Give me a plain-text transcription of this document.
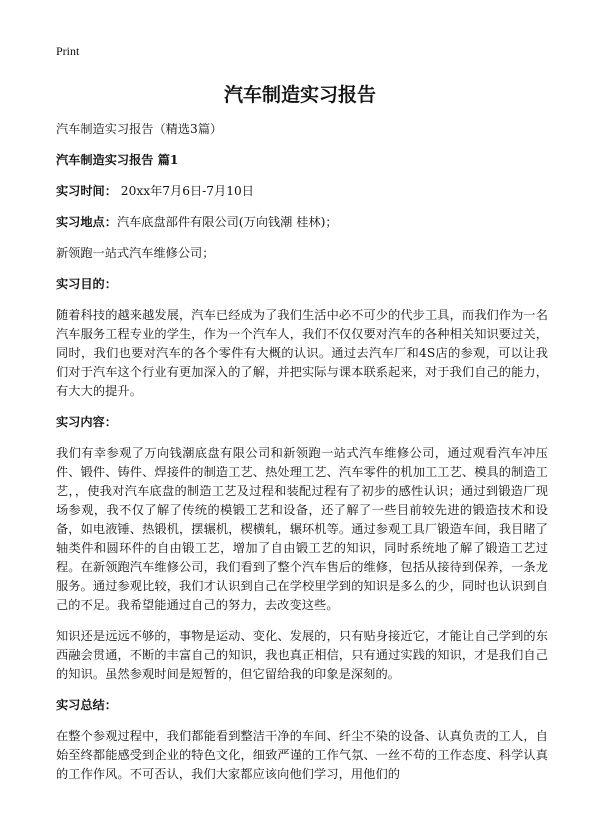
Print
汽车制造实习报告

汽车制造实习报告（精选3篇）

汽车制造实习报告 篇1

实习时间： 20xx年7月6日-7月10日

实习地点：汽车底盘部件有限公司(万向钱潮 桂林)；

新领跑一站式汽车维修公司；

实习目的：

随着科技的越来越发展，汽车已经成为了我们生活中必不可少的代步工具，而我们作为一名汽车服务工程专业的学生，作为一个汽车人，我们不仅仅要对汽车的各种相关知识要过关，同时，我们也要对汽车的各个零件有大概的认识。通过去汽车厂和4S店的参观，可以让我们对于汽车这个行业有更加深入的了解，并把实际与课本联系起来，对于我们自己的能力，有大大的提升。

实习内容：

我们有幸参观了万向钱潮底盘有限公司和新领跑一站式汽车维修公司，通过观看汽车冲压件、锻件、铸件、焊接件的制造工艺、热处理工艺、汽车零件的机加工工艺、模具的制造工艺，，使我对汽车底盘的制造工艺及过程和装配过程有了初步的感性认识；通过到锻造厂现场参观，我不仅了解了传统的模锻工艺和设备，还了解了一些目前较先进的锻造技术和设备，如电液锤、热锻机，摆辗机，楔横轧，辗环机等。通过参观工具厂锻造车间，我目睹了轴类件和圆环件的自由锻工艺，增加了自由锻工艺的知识，同时系统地了解了锻造工艺过程。在新领跑汽车维修公司，我们看到了整个汽车售后的维修，包括从接待到保养，一条龙服务。通过参观比较，我们才认识到自己在学校里学到的知识是多么的少，同时也认识到自己的不足。我希望能通过自己的努力，去改变这些。

知识还是远远不够的，事物是运动、变化、发展的，只有贴身接近它，才能让自己学到的东西融会贯通，不断的丰富自己的知识，我也真正相信，只有通过实践的知识，才是我们自己的知识。虽然参观时间是短暂的，但它留给我的印象是深刻的。

实习总结：

在整个参观过程中，我们都能看到整洁干净的车间、纤尘不染的设备、认真负责的工人，自始至终都能感受到企业的特色文化，细致严谨的工作气氛、一丝不苟的工作态度、科学认真的工作作风。不可否认，我们大家都应该向他们学习，用他们的
